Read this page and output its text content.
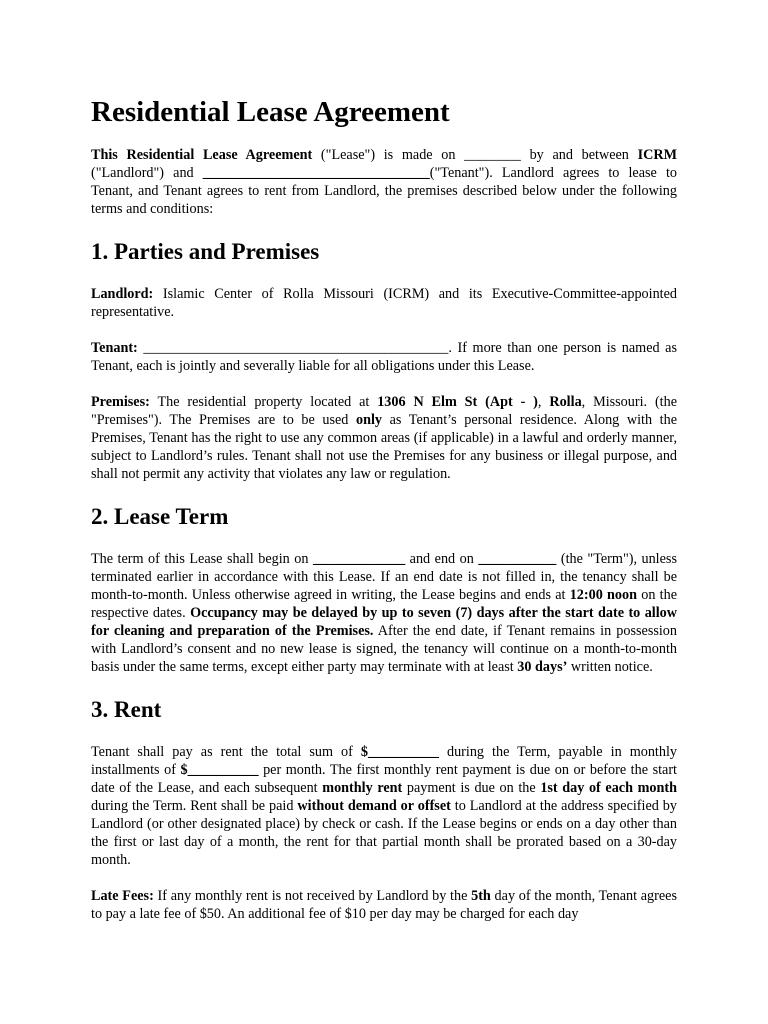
Residential Lease Agreement

This Residential Lease Agreement ("Lease") is made on ________ by and between ICRM ("Landlord") and ________________________________("Tenant"). Landlord agrees to lease to Tenant, and Tenant agrees to rent from Landlord, the premises described below under the following terms and conditions:

1. Parties and Premises

Landlord: Islamic Center of Rolla Missouri (ICRM) and its Executive-Committee-appointed representative.

Tenant: ___________________________________________. If more than one person is named as Tenant, each is jointly and severally liable for all obligations under this Lease.

Premises: The residential property located at 1306 N Elm St (Apt - ), Rolla, Missouri. (the "Premises"). The Premises are to be used only as Tenant’s personal residence. Along with the Premises, Tenant has the right to use any common areas (if applicable) in a lawful and orderly manner, subject to Landlord’s rules. Tenant shall not use the Premises for any business or illegal purpose, and shall not permit any activity that violates any law or regulation.

2. Lease Term

The term of this Lease shall begin on _____________ and end on ___________ (the "Term"), unless terminated earlier in accordance with this Lease. If an end date is not filled in, the tenancy shall be month-to-month. Unless otherwise agreed in writing, the Lease begins and ends at 12:00 noon on the respective dates. Occupancy may be delayed by up to seven (7) days after the start date to allow for cleaning and preparation of the Premises. After the end date, if Tenant remains in possession with Landlord’s consent and no new lease is signed, the tenancy will continue on a month-to-month basis under the same terms, except either party may terminate with at least 30 days’ written notice.

3. Rent

Tenant shall pay as rent the total sum of $__________ during the Term, payable in monthly installments of $__________ per month. The first monthly rent payment is due on or before the start date of the Lease, and each subsequent monthly rent payment is due on the 1st day of each month during the Term. Rent shall be paid without demand or offset to Landlord at the address specified by Landlord (or other designated place) by check or cash. If the Lease begins or ends on a day other than the first or last day of a month, the rent for that partial month shall be prorated based on a 30-day month.

Late Fees: If any monthly rent is not received by Landlord by the 5th day of the month, Tenant agrees to pay a late fee of $50. An additional fee of $10 per day may be charged for each day
